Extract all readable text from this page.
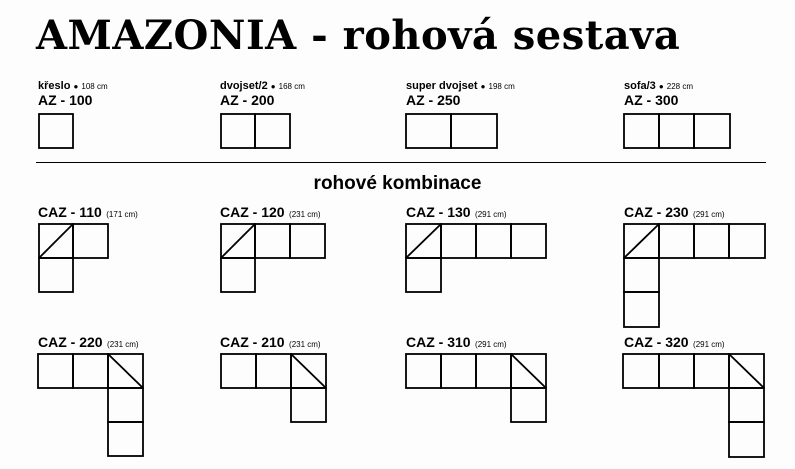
AMAZONIA - rohová sestava
křeslo ● 108 cm
AZ - 100
dvojset/2 ● 168 cm
AZ - 200
super dvojset ● 198 cm
AZ - 250
sofa/3 ● 228 cm
AZ - 300
rohové kombinace
CAZ - 110 (171 cm)	CAZ - 120 (231 cm)	CAZ - 130 (291 cm)	CAZ - 230 (291 cm)
CAZ - 220 (231 cm)	CAZ - 210 (231 cm)	CAZ - 310 (291 cm)	CAZ - 320 (291 cm)
